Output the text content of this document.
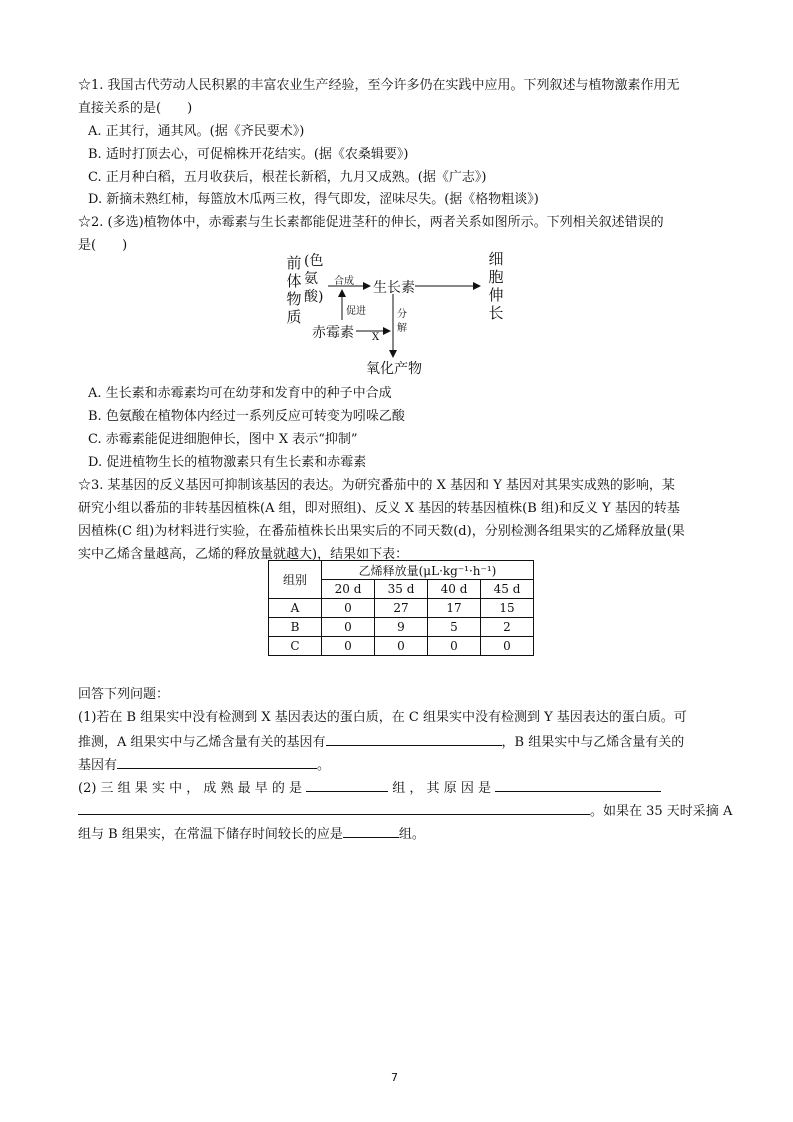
☆1. 我国古代劳动人民积累的丰富农业生产经验，至今许多仍在实践中应用。下列叙述与植物激素作用无
直接关系的是(　　)
A. 正其行，通其风。(据《齐民要术》)
B. 适时打顶去心，可促棉株开花结实。(据《农桑辑要》)
C. 正月种白稻，五月收获后，根茬长新稻，九月又成熟。(据《广志》)
D. 新摘未熟红柿，每篮放木瓜两三枚，得气即发，涩味尽失。(据《格物粗谈》)
☆2. (多选)植物体中，赤霉素与生长素都能促进茎秆的伸长，两者关系如图所示。下列相关叙述错误的
是(　　)
前体物质
(色氨酸)
合成 生长素
细胞伸长
促进
赤霉素 X
分解
氧化产物
A. 生长素和赤霉素均可在幼芽和发育中的种子中合成
B. 色氨酸在植物体内经过一系列反应可转变为吲哚乙酸
C. 赤霉素能促进细胞伸长，图中 X 表示“抑制”
D. 促进植物生长的植物激素只有生长素和赤霉素
☆3. 某基因的反义基因可抑制该基因的表达。为研究番茄中的 X 基因和 Y 基因对其果实成熟的影响，某
研究小组以番茄的非转基因植株(A 组，即对照组)、反义 X 基因的转基因植株(B 组)和反义 Y 基因的转基
因植株(C 组)为材料进行实验，在番茄植株长出果实后的不同天数(d)，分别检测各组果实的乙烯释放量(果
实中乙烯含量越高，乙烯的释放量就越大)，结果如下表：
组别	乙烯释放量(μL·kg⁻¹·h⁻¹)			
	20 d	35 d	40 d	45 d
A	0	27	17	15
B	0	9	5	2
C	0	0	0	0
回答下列问题：
(1)若在 B 组果实中没有检测到 X 基因表达的蛋白质，在 C 组果实中没有检测到 Y 基因表达的蛋白质。可
推测，A 组果实中与乙烯含量有关的基因有	，B 组果实中与乙烯含量有关的
基因有	。
(2) 三 组 果 实 中 ， 成 熟 最 早 的 是	组 ， 其 原 因 是
。如果在 35 天时采摘 A
组与 B 组果实，在常温下储存时间较长的应是	组。
7
